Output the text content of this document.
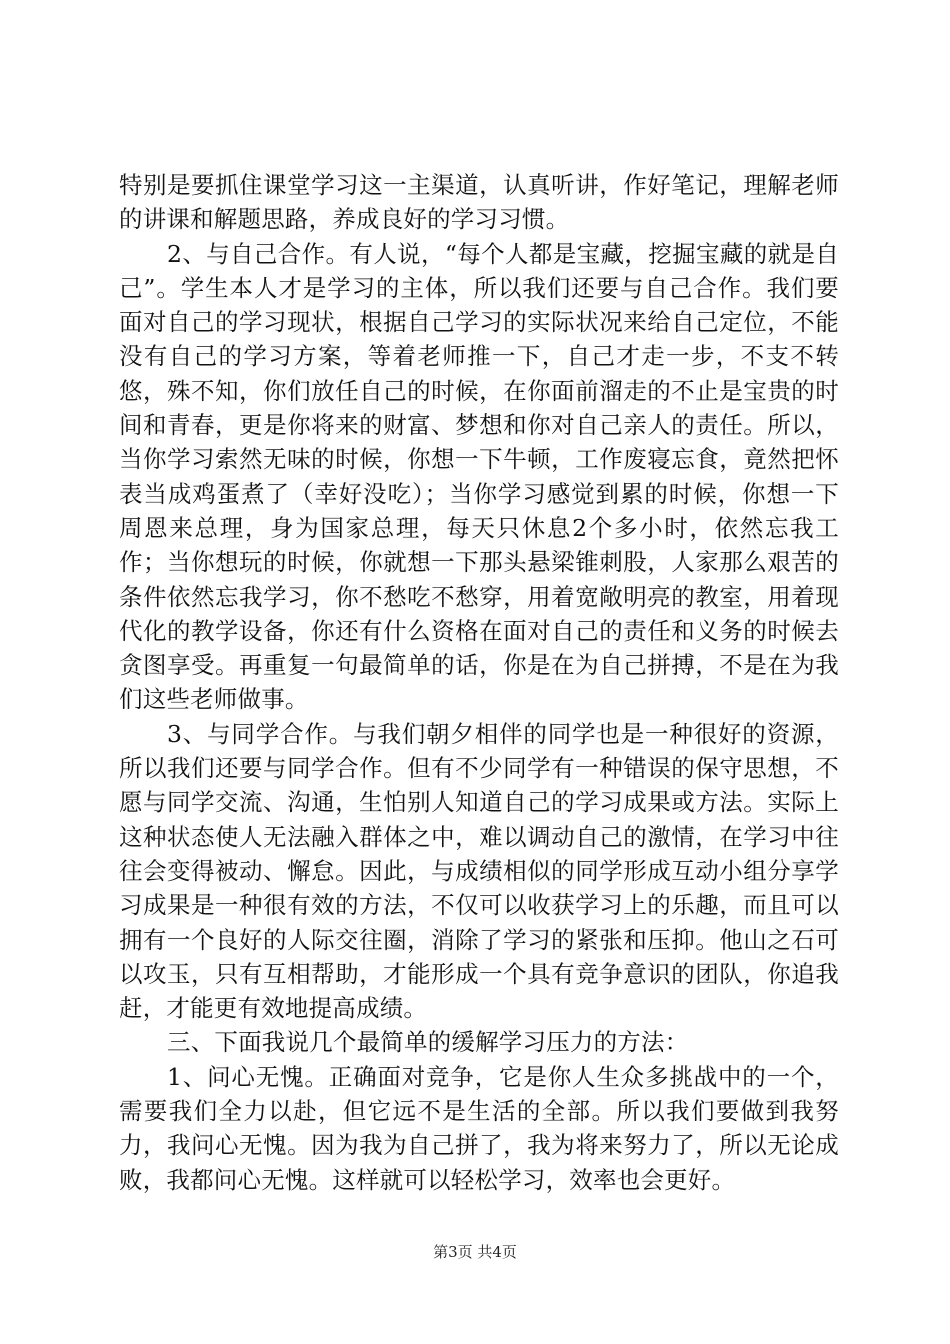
特别是要抓住课堂学习这一主渠道，认真听讲，作好笔记，理解老师的讲课和解题思路，养成良好的学习习惯。

2、与自己合作。有人说，“每个人都是宝藏，挖掘宝藏的就是自己”。学生本人才是学习的主体，所以我们还要与自己合作。我们要面对自己的学习现状，根据自己学习的实际状况来给自己定位，不能没有自己的学习方案，等着老师推一下，自己才走一步，不支不转悠，殊不知，你们放任自己的时候，在你面前溜走的不止是宝贵的时间和青春，更是你将来的财富、梦想和你对自己亲人的责任。所以，当你学习索然无味的时候，你想一下牛顿，工作废寝忘食，竟然把怀表当成鸡蛋煮了（幸好没吃）；当你学习感觉到累的时候，你想一下周恩来总理，身为国家总理，每天只休息2个多小时，依然忘我工作；当你想玩的时候，你就想一下那头悬梁锥刺股，人家那么艰苦的条件依然忘我学习，你不愁吃不愁穿，用着宽敞明亮的教室，用着现代化的教学设备，你还有什么资格在面对自己的责任和义务的时候去贪图享受。再重复一句最简单的话，你是在为自己拼搏，不是在为我们这些老师做事。

3、与同学合作。与我们朝夕相伴的同学也是一种很好的资源，所以我们还要与同学合作。但有不少同学有一种错误的保守思想，不愿与同学交流、沟通，生怕别人知道自己的学习成果或方法。实际上这种状态使人无法融入群体之中，难以调动自己的激情，在学习中往往会变得被动、懈怠。因此，与成绩相似的同学形成互动小组分享学习成果是一种很有效的方法，不仅可以收获学习上的乐趣，而且可以拥有一个良好的人际交往圈，消除了学习的紧张和压抑。他山之石可以攻玉，只有互相帮助，才能形成一个具有竞争意识的团队，你追我赶，才能更有效地提高成绩。

三、下面我说几个最简单的缓解学习压力的方法：

1、问心无愧。正确面对竞争，它是你人生众多挑战中的一个，需要我们全力以赴，但它远不是生活的全部。所以我们要做到我努力，我问心无愧。因为我为自己拼了，我为将来努力了，所以无论成败，我都问心无愧。这样就可以轻松学习，效率也会更好。

第3页 共4页
